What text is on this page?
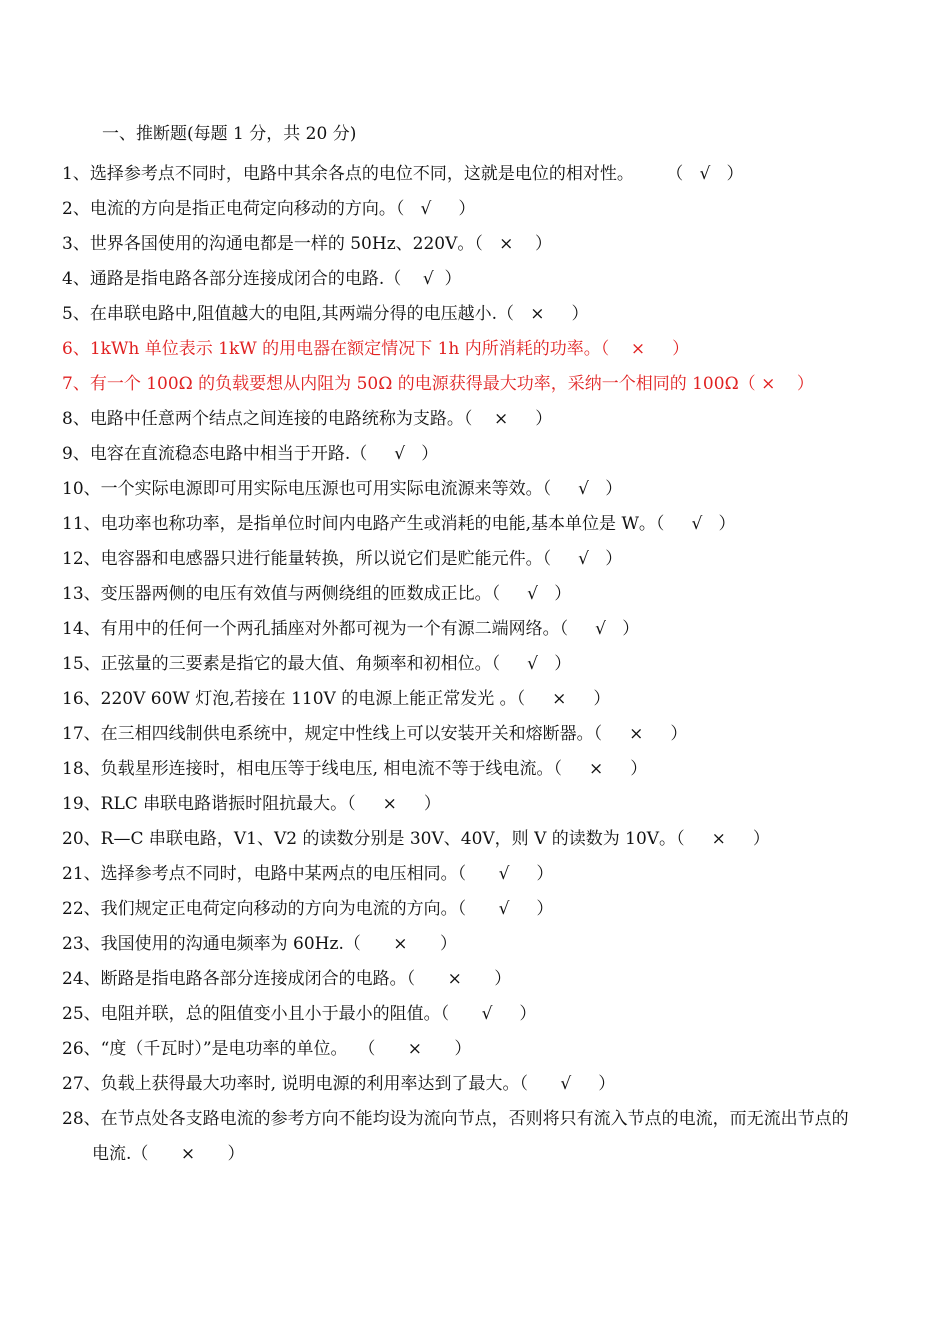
一、推断题(每题 1 分，共 20 分)
1、选择参考点不同时，电路中其余各点的电位不同，这就是电位的相对性。      （   √   ）
2、电流的方向是指正电荷定向移动的方向。（   √     ）
3、世界各国使用的沟通电都是一样的 50Hz、220V。（   ×    ）
4、通路是指电路各部分连接成闭合的电路.（    √  ）
5、在串联电路中,阻值越大的电阻,其两端分得的电压越小.（   ×     ）
6、1kWh 单位表示 1kW 的用电器在额定情况下 1h 内所消耗的功率。（    ×     ）
7、有一个 100Ω 的负载要想从内阻为 50Ω 的电源获得最大功率，采纳一个相同的 100Ω（ ×    ）
8、电路中任意两个结点之间连接的电路统称为支路。（    ×     ）
9、电容在直流稳态电路中相当于开路.（     √   ）
10、一个实际电源即可用实际电压源也可用实际电流源来等效。（     √   ）
11、电功率也称功率，是指单位时间内电路产生或消耗的电能,基本单位是 W。（     √   ）
12、电容器和电感器只进行能量转换，所以说它们是贮能元件。（     √   ）
13、变压器两侧的电压有效值与两侧绕组的匝数成正比。（     √   ）
14、有用中的任何一个两孔插座对外都可视为一个有源二端网络。（     √   ）
15、正弦量的三要素是指它的最大值、角频率和初相位。（     √   ）
16、220V 60W 灯泡,若接在 110V 的电源上能正常发光 。（     ×     ）
17、在三相四线制供电系统中，规定中性线上可以安装开关和熔断器。（     ×     ）
18、负载星形连接时，相电压等于线电压, 相电流不等于线电流。（     ×     ）
19、RLC 串联电路谐振时阻抗最大。（     ×     ）
20、R—C 串联电路，V1、V2 的读数分别是 30V、40V，则 V 的读数为 10V。（     ×     ）
21、选择参考点不同时，电路中某两点的电压相同。（      √     ）
22、我们规定正电荷定向移动的方向为电流的方向。（      √     ）
23、我国使用的沟通电频率为 60Hz.（      ×      ）
24、断路是指电路各部分连接成闭合的电路。（      ×      ）
25、电阻并联，总的阻值变小且小于最小的阻值。（      √     ）
26、“度（千瓦时）”是电功率的单位。  （      ×      ）
27、负载上获得最大功率时, 说明电源的利用率达到了最大。（      √     ）
28、在节点处各支路电流的参考方向不能均设为流向节点，否则将只有流入节点的电流，而无流出节点的电流.（      ×      ）
